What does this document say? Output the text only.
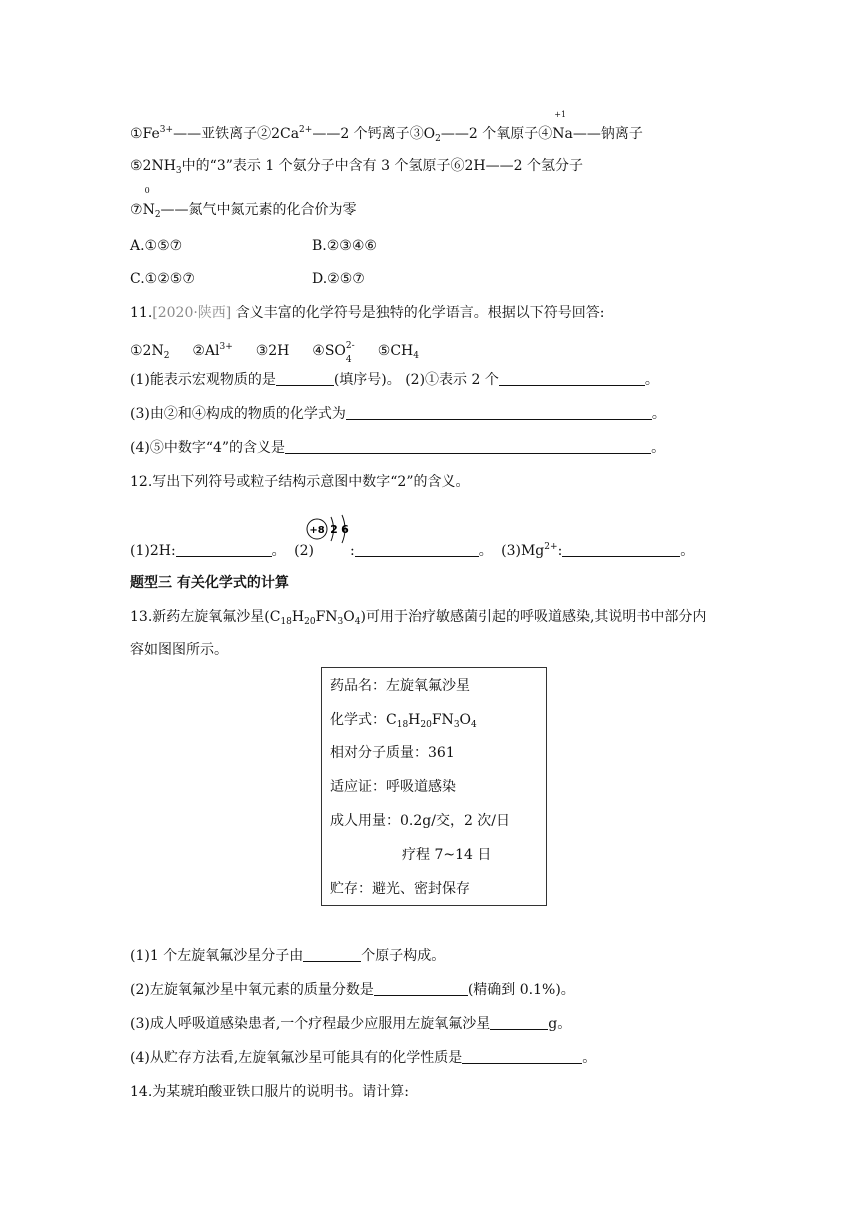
$①Fe^{3+}——$亚铁离子$②2Ca^{2+}——2$ 个钙离子$③O_2——2$ 个氧原子④
+1
Na——钠离子
$⑤2NH_3$中的“3”表示 1 个氨分子中含有 3 个氢原子⑥2H——2 个氢分子
⑦
0
$N_2——$氮气中氮元素的化合价为零
A.①⑤⑦	B.②③④⑥
C.①②⑤⑦	D.②⑤⑦
11.[2020·陕西] 含义丰富的化学符号是独特的化学语言。根据以下符号回答:
$①2N_2$ $②Al^{3+}$ ③2H ④SO 2-
4
$⑤CH_4$
(1)能表示宏观物质的是	(填序号)。 (2)①表示 2 个	。
(3)由②和④构成的物质的化学式为	。
(4)⑤中数字“4”的含义是	。
12.写出下列符号或粒子结构示意图中数字“2”的含义。
+8 2 6
(1)2H:	。 (2)	:	。 $(3)Mg^{2+}$:	。
题型三 有关化学式的计算
13.新药左旋氧氟沙星$(C_{18}H_{20}FN_3O_4)$可用于治疗敏感菌引起的呼吸道感染,其说明书中部分内
容如图图所示。
药品名：左旋氧氟沙星
化学式：$C_{18}H_{20}FN_3O_4$
相对分子质量：361
适应证：呼吸道感染
成人用量：0.2g/交，2 次/日
疗程 7~14 日
贮存：避光、密封保存
(1)1 个左旋氧氟沙星分子由	个原子构成。
(2)左旋氧氟沙星中氧元素的质量分数是	(精确到 0.1%)。
(3)成人呼吸道感染患者,一个疗程最少应服用左旋氧氟沙星	g。
(4)从贮存方法看,左旋氧氟沙星可能具有的化学性质是	。
14.为某琥珀酸亚铁口服片的说明书。请计算:
